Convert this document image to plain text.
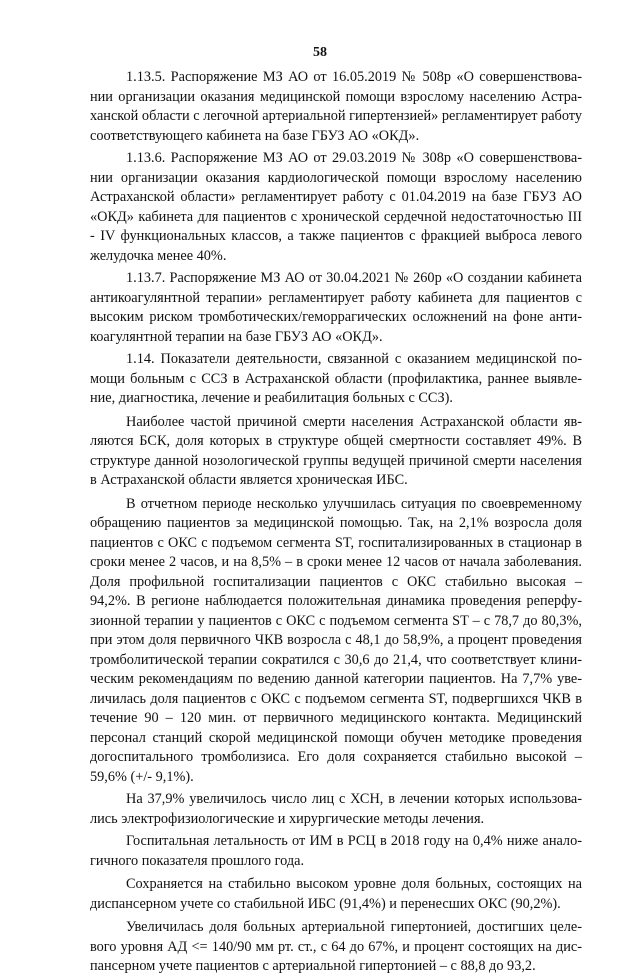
58

1.13.5. Распоряжение МЗ АО от 16.05.2019 № 508р «О совершенствовании организации оказания медицинской помощи взрослому населению Астраханской области с легочной артериальной гипертензией» регламентирует работу соответствующего кабинета на базе ГБУЗ АО «ОКД».

1.13.6. Распоряжение МЗ АО от 29.03.2019 № 308р «О совершенствовании организации оказания кардиологической помощи взрослому населению Астраханской области» регламентирует работу с 01.04.2019 на базе ГБУЗ АО «ОКД» кабинета для пациентов с хронической сердечной недостаточностью III - IV функциональных классов, а также пациентов с фракцией выброса левого желудочка менее 40%.

1.13.7. Распоряжение МЗ АО от 30.04.2021 № 260р «О создании кабинета антикоагулянтной терапии» регламентирует работу кабинета для пациентов с высоким риском тромботических/геморрагических осложнений на фоне антикоагулянтной терапии на базе ГБУЗ АО «ОКД».

1.14. Показатели деятельности, связанной с оказанием медицинской помощи больным с ССЗ в Астраханской области (профилактика, раннее выявление, диагностика, лечение и реабилитация больных с ССЗ).

Наиболее частой причиной смерти населения Астраханской области являются БСК, доля которых в структуре общей смертности составляет 49%. В структуре данной нозологической группы ведущей причиной смерти населения в Астраханской области является хроническая ИБС.

В отчетном периоде несколько улучшилась ситуация по своевременному обращению пациентов за медицинской помощью. Так, на 2,1% возросла доля пациентов с ОКС с подъемом сегмента ST, госпитализированных в стационар в сроки менее 2 часов, и на 8,5% – в сроки менее 12 часов от начала заболевания. Доля профильной госпитализации пациентов с ОКС стабильно высокая – 94,2%. В регионе наблюдается положительная динамика проведения реперфузионной терапии у пациентов с ОКС с подъемом сегмента ST – с 78,7 до 80,3%, при этом доля первичного ЧКВ возросла с 48,1 до 58,9%, а процент проведения тромболитической терапии сократился с 30,6 до 21,4, что соответствует клиническим рекомендациям по ведению данной категории пациентов. На 7,7% увеличилась доля пациентов с ОКС с подъемом сегмента ST, подвергшихся ЧКВ в течение 90 – 120 мин. от первичного медицинского контакта. Медицинский персонал станций скорой медицинской помощи обучен методике проведения догоспитального тромболизиса. Его доля сохраняется стабильно высокой – 59,6% (+/- 9,1%).

На 37,9% увеличилось число лиц с ХСН, в лечении которых использовались электрофизиологические и хирургические методы лечения.

Госпитальная летальность от ИМ в РСЦ в 2018 году на 0,4% ниже аналогичного показателя прошлого года.

Сохраняется на стабильно высоком уровне доля больных, состоящих на диспансерном учете со стабильной ИБС (91,4%) и перенесших ОКС (90,2%).

Увеличилась доля больных артериальной гипертонией, достигших целевого уровня АД <= 140/90 мм рт. ст., с 64 до 67%, и процент состоящих на диспансерном учете пациентов с артериальной гипертонией – с 88,8 до 93,2.
